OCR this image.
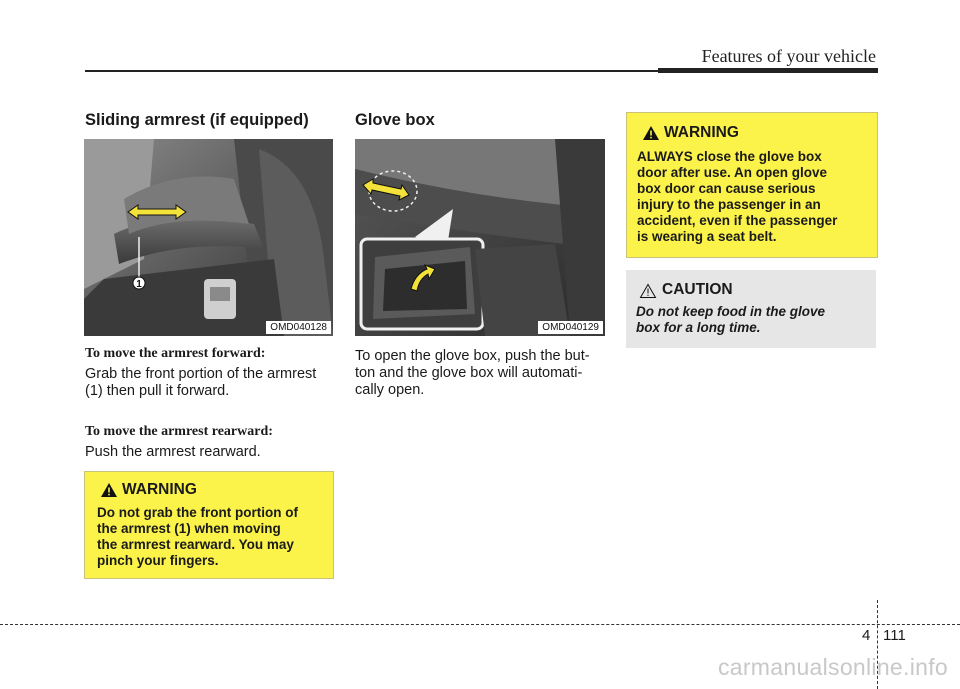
Features of your vehicle
Sliding armrest (if equipped)
1
OMD040128
To move the armrest forward:
Grab the front portion of the armrest
(1) then pull it forward.
To move the armrest rearward:
Push the armrest rearward.
WARNING
Do not grab the front portion of
the armrest (1) when moving
the armrest rearward. You may
pinch your fingers.
Glove box
OMD040129
To open the glove box, push the but-
ton and the glove box will automati-
cally open.
WARNING
ALWAYS close the glove box
door after use. An open glove
box door can cause serious
injury to the passenger in an
accident, even if the passenger
is wearing a seat belt.
CAUTION
Do not keep food in the glove
box for a long time.
4 111
carmanualsonline.info
